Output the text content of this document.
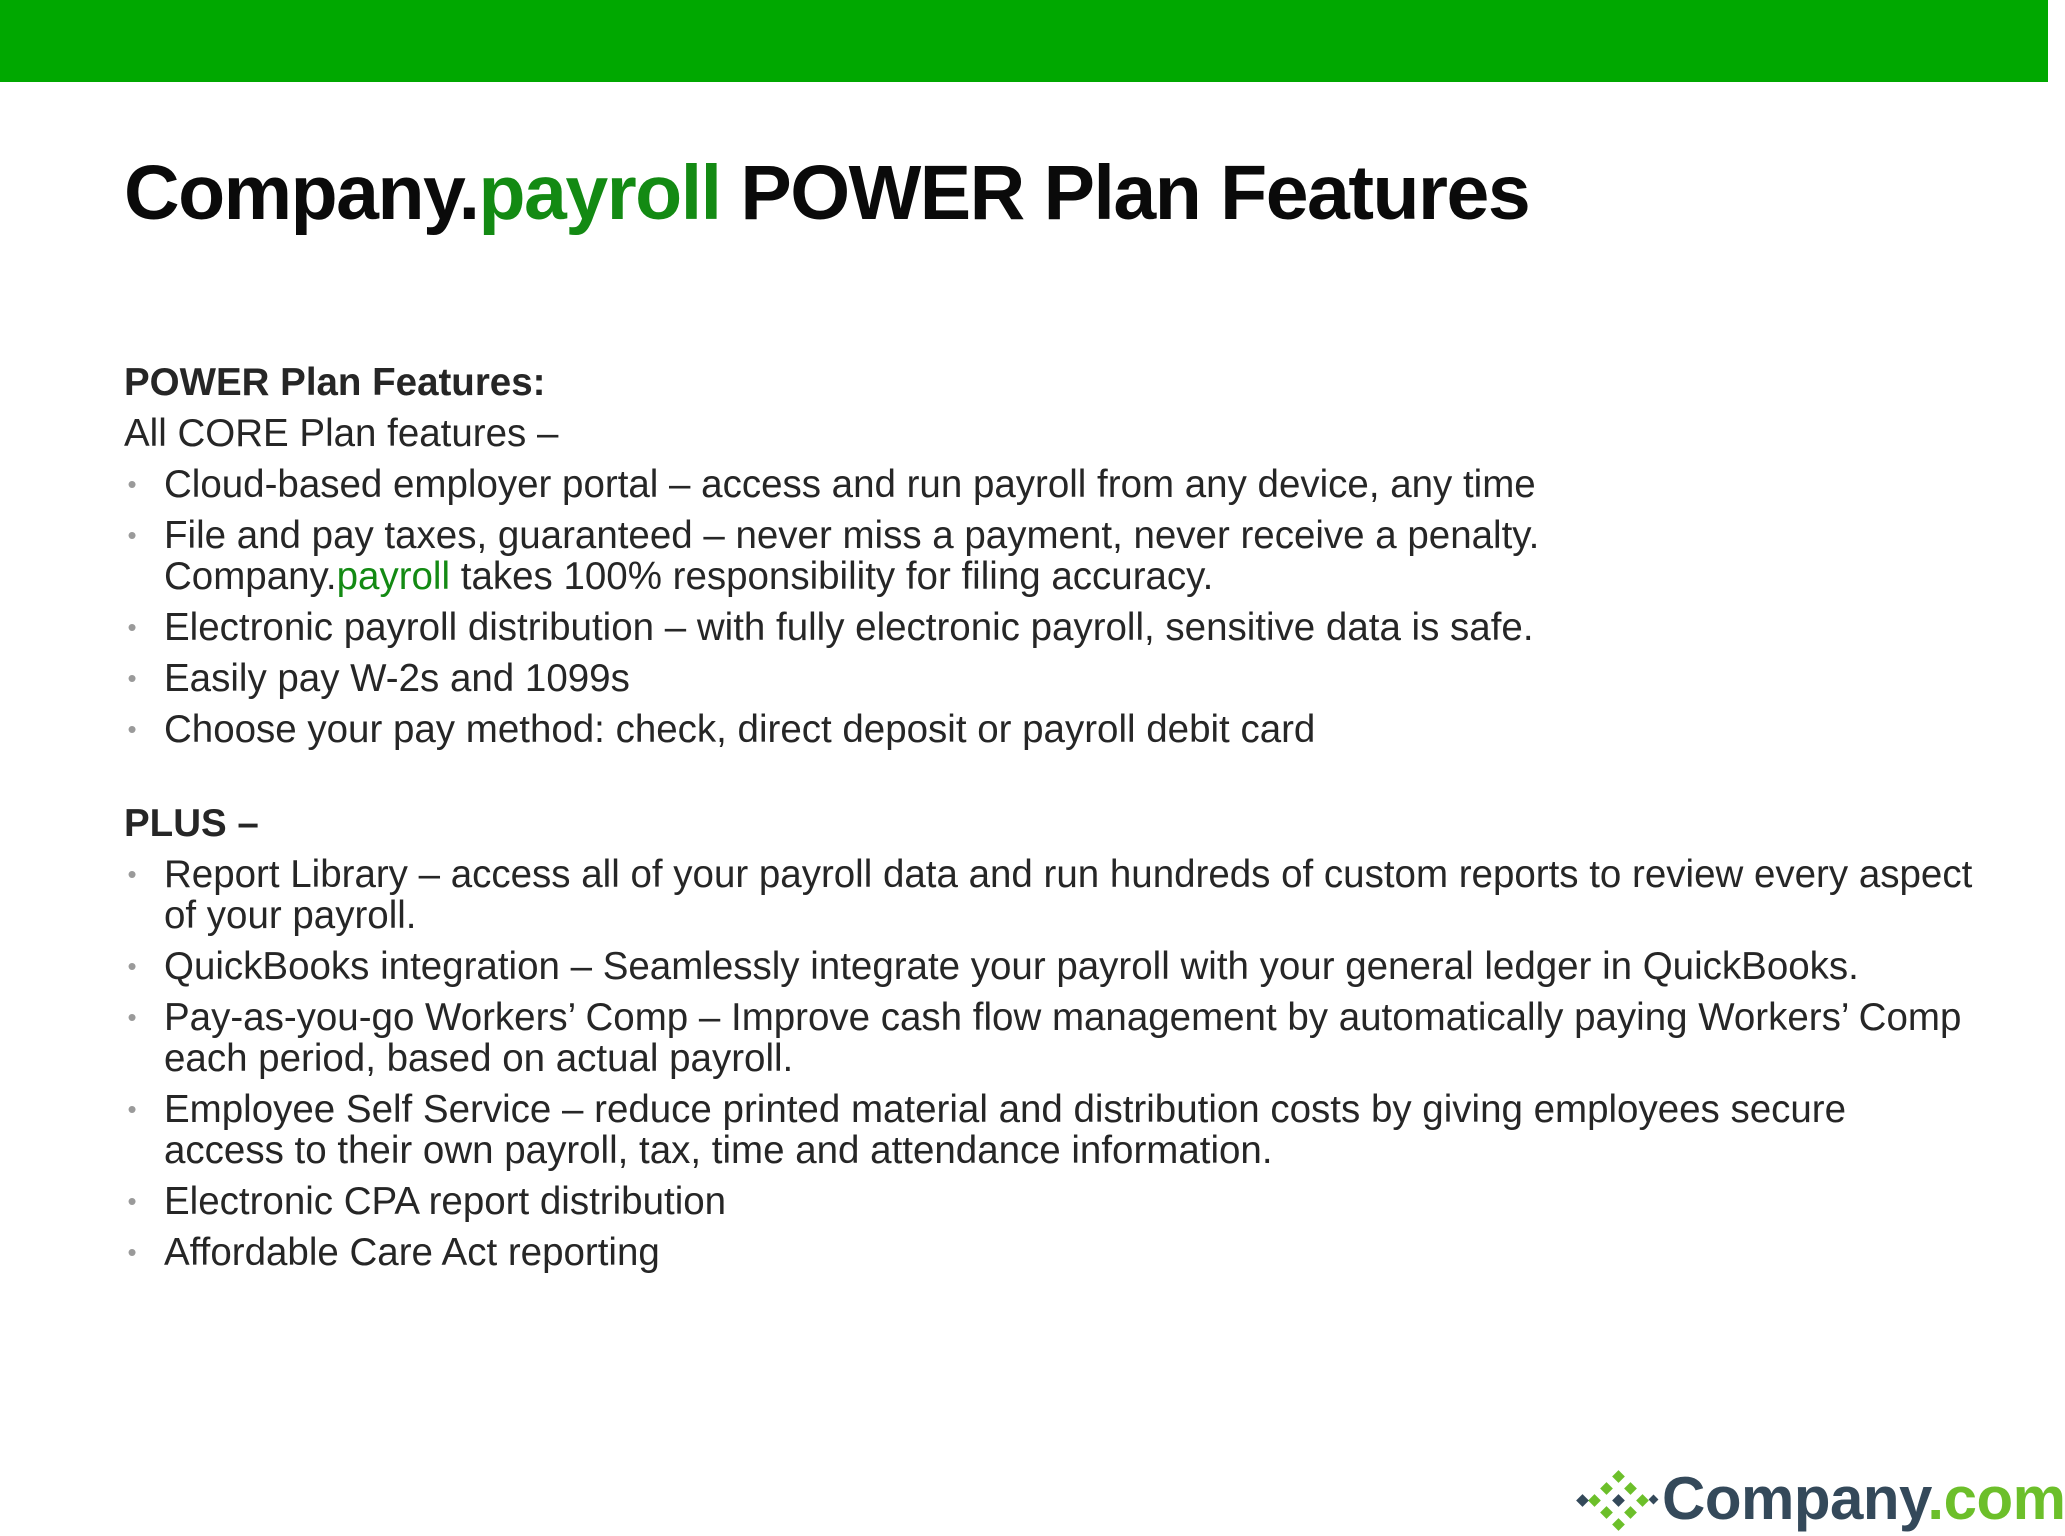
Company.payroll POWER Plan Features

POWER Plan Features:

All CORE Plan features –

• Cloud-based employer portal – access and run payroll from any device, any time
• File and pay taxes, guaranteed – never miss a payment, never receive a penalty.
Company.payroll takes 100% responsibility for filing accuracy.
• Electronic payroll distribution – with fully electronic payroll, sensitive data is safe.
• Easily pay W-2s and 1099s
• Choose your pay method: check, direct deposit or payroll debit card

PLUS –

• Report Library – access all of your payroll data and run hundreds of custom reports to review every aspect of your payroll.
• QuickBooks integration – Seamlessly integrate your payroll with your general ledger in QuickBooks.
• Pay-as-you-go Workers’ Comp – Improve cash flow management by automatically paying Workers’ Comp each period, based on actual payroll.
• Employee Self Service – reduce printed material and distribution costs by giving employees secure access to their own payroll, tax, time and attendance information.
• Electronic CPA report distribution
• Affordable Care Act reporting
Company.com
